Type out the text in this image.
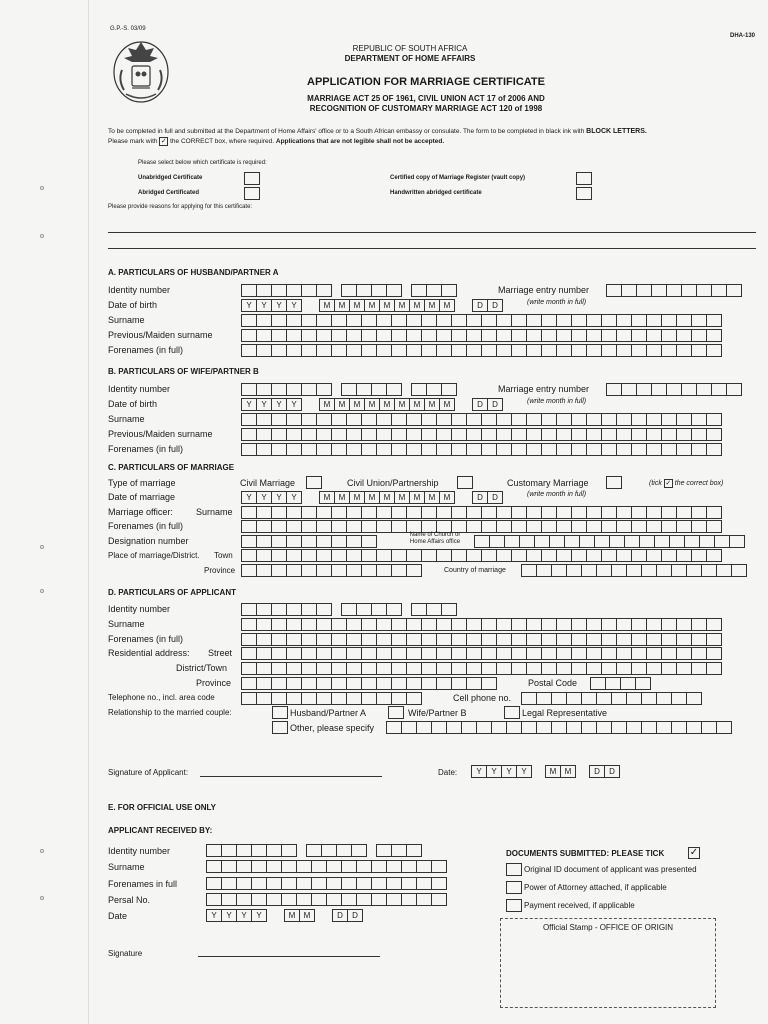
G.P.-S. 03/09
DHA-130
REPUBLIC OF SOUTH AFRICA
DEPARTMENT OF HOME AFFAIRS
APPLICATION FOR MARRIAGE CERTIFICATE
MARRIAGE ACT 25 OF 1961, CIVIL UNION ACT 17 of 2006 AND
RECOGNITION OF CUSTOMARY MARRIAGE ACT 120 of 1998
To be completed in full and submitted at the Department of Home Affairs' office or to a South African embassy or consulate. The form to be completed in black ink with BLOCK LETTERS.
Please mark with ✓ the CORRECT box, where required. Applications that are not legible shall not be accepted.
Please select below which certificate is required:
Unabridged Certificate
Abridged Certificated
Certified copy of Marriage Register (vault copy)
Handwritten abridged certificate
Please provide reasons for applying for this certificate:
A. PARTICULARS OF HUSBAND/PARTNER A
Identity number	Marriage entry number
Date of birth	Y	Y	Y	Y	M	M	M	M	M	M	M	M	M	D	D	(write month in full)
Surname
Previous/Maiden surname
Forenames (in full)
B. PARTICULARS OF WIFE/PARTNER B
Identity number	Marriage entry number
Date of birth	Y	Y	Y	Y	M	M	M	M	M	M	M	M	M	D	D	(write month in full)
Surname
Previous/Maiden surname
Forenames (in full)
C. PARTICULARS OF MARRIAGE
Type of marriage	Civil Marriage	Civil Union/Partnership	Customary Marriage	(tick ✓ the correct box)
Date of marriage	Y	Y	Y	Y	M	M	M	M	M	M	M	M	M	D	D	(write month in full)
Marriage officer:	Surname
Forenames (in full)
Designation number
Name of Church or
Home Affairs office
Place of marriage/District. Town
Province	Country of marriage
D. PARTICULARS OF APPLICANT
Identity number
Surname
Forenames (in full)
Residential address: Street
District/Town
Province	Postal Code
Telephone no., incl. area code	Cell phone no.
Relationship to the married couple:	Husband/Partner A	Wife/Partner B	Legal Representative
Other, please specify
Signature of Applicant:	Date:	Y	Y	Y	Y	M	M	D	D
E. FOR OFFICIAL USE ONLY
APPLICANT RECEIVED BY:
Identity number
Surname
Forenames in full
Persal No.
Date	Y	Y	Y	Y	M	M	D	D
Signature
DOCUMENTS SUBMITTED: PLEASE TICK	✓
Original ID document of applicant was presented
Power of Attorney attached, if applicable
Payment received, if applicable
Official Stamp - OFFICE OF ORIGIN
